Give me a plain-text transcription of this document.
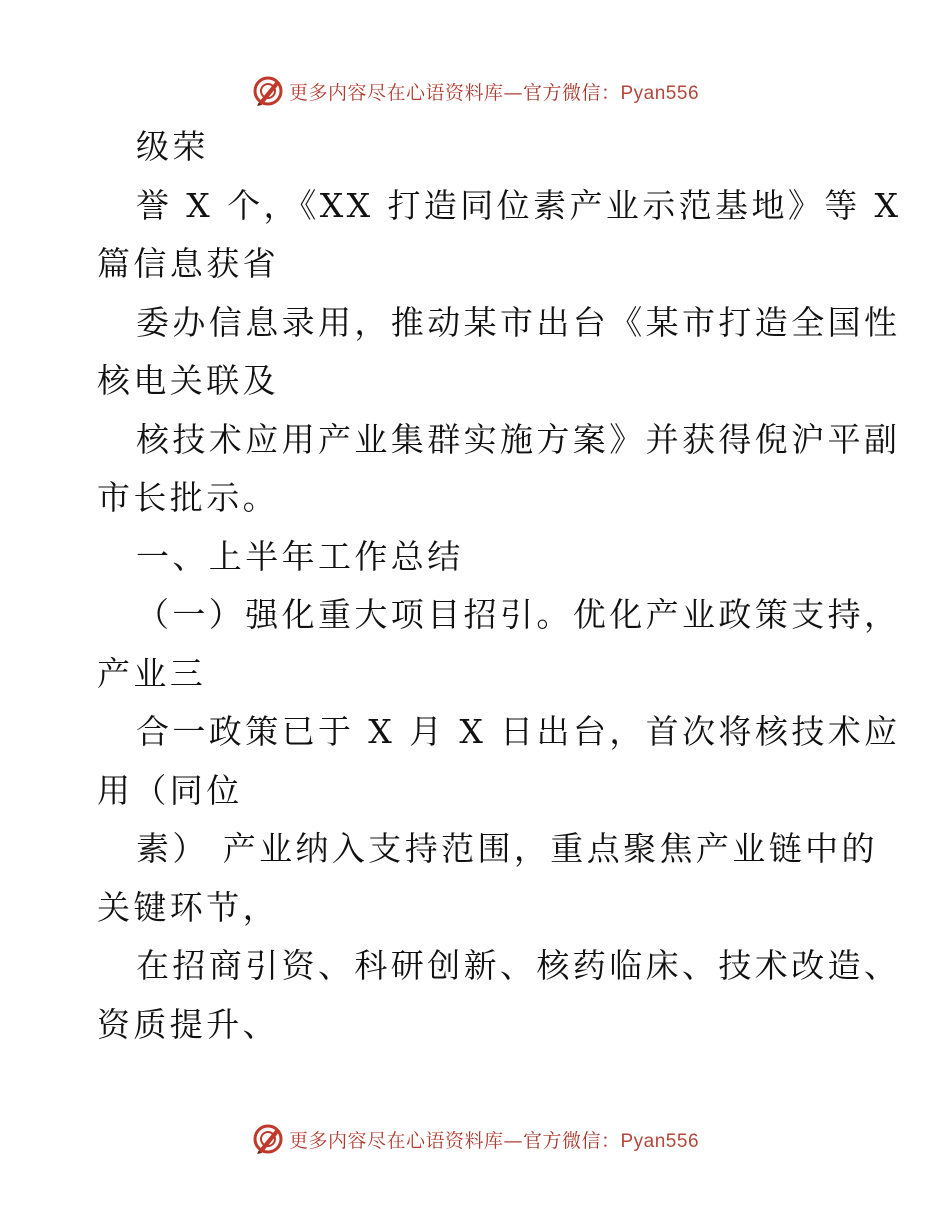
更多内容尽在心语资料库—官方微信：Pyan556
级荣
誉 X 个，《XX 打造同位素产业示范基地》等 X
篇信息获省
委办信息录用，推动某市出台《某市打造全国性
核电关联及
核技术应用产业集群实施方案》并获得倪沪平副
市长批示。
一、上半年工作总结
（一）强化重大项目招引。优化产业政策支持，
产业三
合一政策已于 X 月 X 日出台，首次将核技术应
用（同位
素） 产业纳入支持范围，重点聚焦产业链中的
关键环节，
在招商引资、科研创新、核药临床、技术改造、
资质提升、
更多内容尽在心语资料库—官方微信：Pyan556
